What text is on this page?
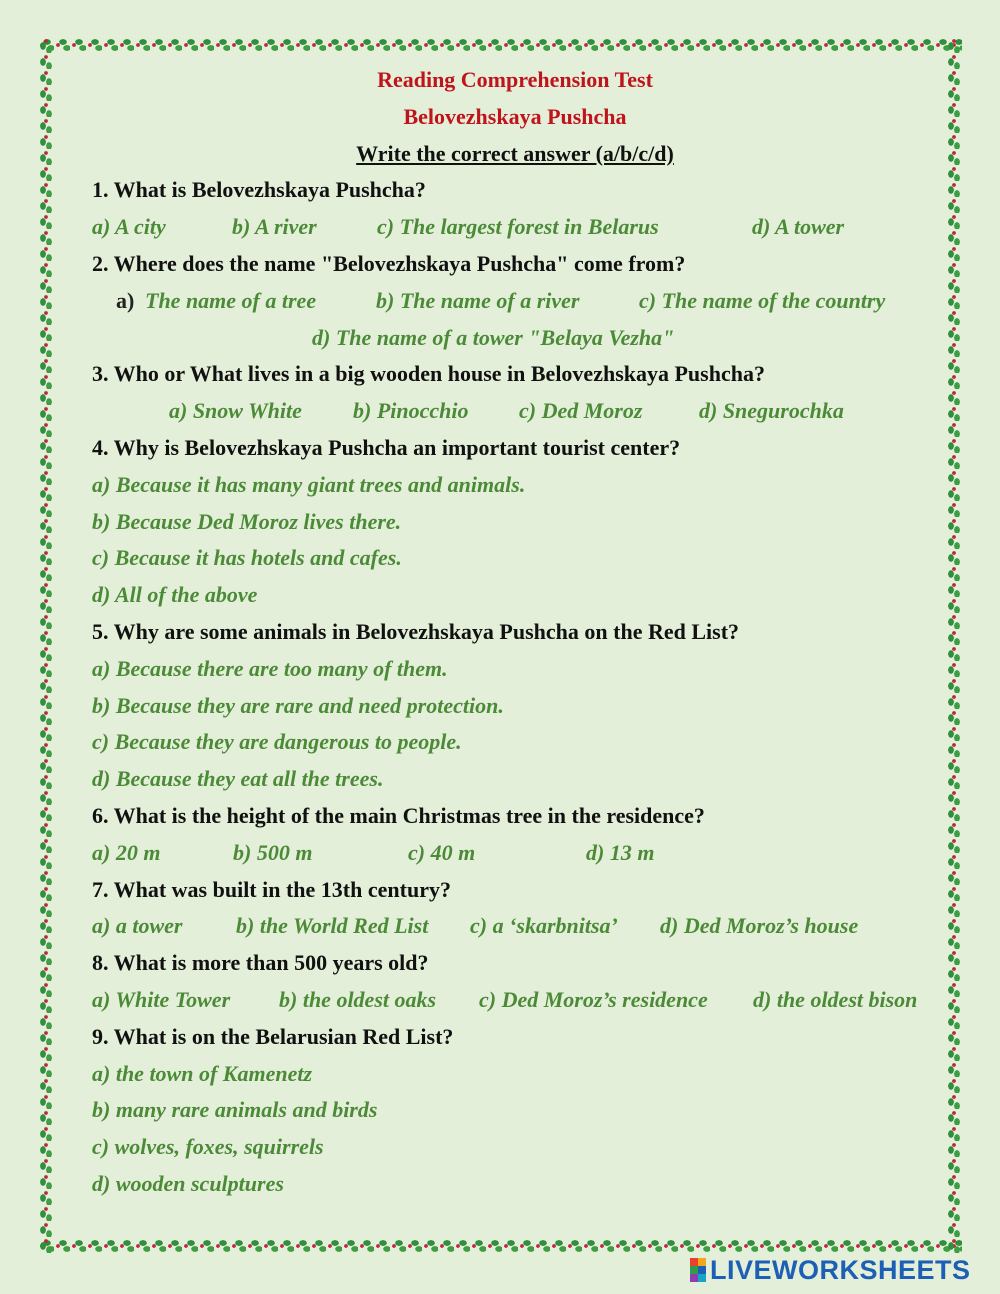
Reading Comprehension Test
Belovezhskaya Pushcha
Write the correct answer (a/b/c/d)
1. What is Belovezhskaya Pushcha?
a) A city	b) A river	c) The largest forest in Belarus	d) A tower
2. Where does the name "Belovezhskaya Pushcha" come from?
a) The name of a tree	b) The name of a river	c) The name of the country
d) The name of a tower "Belaya Vezha"
3. Who or What lives in a big wooden house in Belovezhskaya Pushcha?
a) Snow White	b) Pinocchio	c) Ded Moroz	d) Snegurochka
4. Why is Belovezhskaya Pushcha an important tourist center?
a) Because it has many giant trees and animals.
b) Because Ded Moroz lives there.
c) Because it has hotels and cafes.
d) All of the above
5. Why are some animals in Belovezhskaya Pushcha on the Red List?
a) Because there are too many of them.
b) Because they are rare and need protection.
c) Because they are dangerous to people.
d) Because they eat all the trees.
6. What is the height of the main Christmas tree in the residence?
a) 20 m	b) 500 m	c) 40 m	d) 13 m
7. What was built in the 13th century?
a) a tower	b) the World Red List	c) a ‘skarbnitsa’	d) Ded Moroz’s house
8. What is more than 500 years old?
a) White Tower	b) the oldest oaks	c) Ded Moroz’s residence	d) the oldest bison
9. What is on the Belarusian Red List?
a) the town of Kamenetz
b) many rare animals and birds
c) wolves, foxes, squirrels
d) wooden sculptures
LIVEWORKSHEETS
